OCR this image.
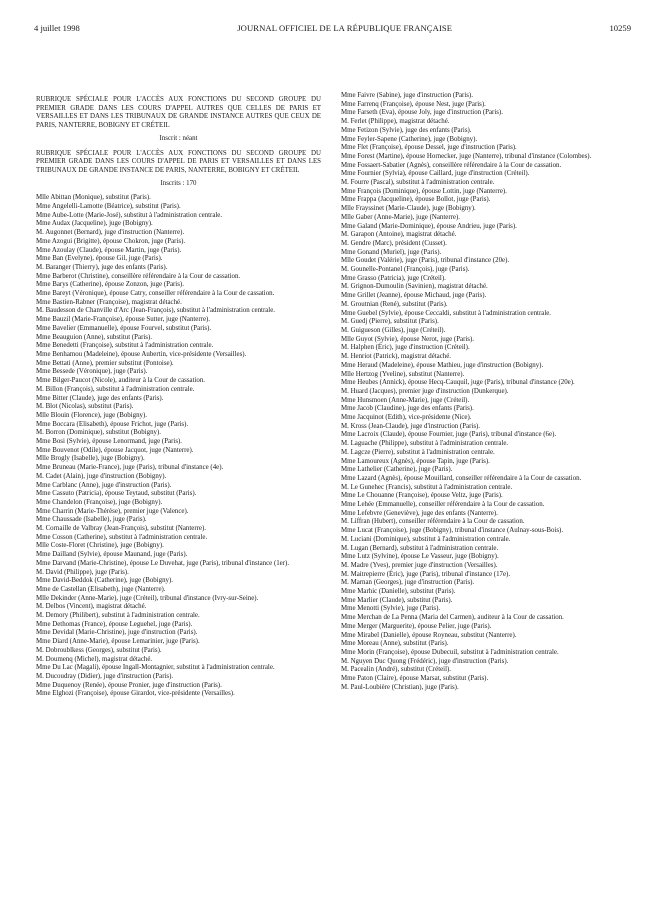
4 juillet 1998	JOURNAL OFFICIEL DE LA RÉPUBLIQUE FRANÇAISE	10259
RUBRIQUE SPÉCIALE POUR L'ACCÈS AUX FONCTIONS DU SECOND GROUPE DU PREMIER GRADE DANS LES COURS D'APPEL AUTRES QUE CELLES DE PARIS ET VERSAILLES ET DANS LES TRIBUNAUX DE GRANDE INSTANCE AUTRES QUE CEUX DE PARIS, NANTERRE, BOBIGNY ET CRÉTEIL
Inscrit : néant
RUBRIQUE SPÉCIALE POUR L'ACCÈS AUX FONCTIONS DU SECOND GROUPE DU PREMIER GRADE DANS LES COURS D'APPEL DE PARIS ET VERSAILLES ET DANS LES TRIBUNAUX DE GRANDE INSTANCE DE PARIS, NANTERRE, BOBIGNY ET CRÉTEIL
Inscrits : 170
Mlle Abittan (Monique), substitut (Paris).
Mme Angelelli-Lamotte (Béatrice), substitut (Paris).
Mme Aube-Lotte (Marie-José), substitut à l'administration centrale.
Mme Audax (Jacqueline), juge (Bobigny).
M. Augonnet (Bernard), juge d'instruction (Nanterre).
Mme Azogui (Brigitte), épouse Chokron, juge (Paris).
Mme Azoulay (Claude), épouse Martin, juge (Paris).
Mme Ban (Evelyne), épouse Gil, juge (Paris).
M. Baranger (Thierry), juge des enfants (Paris).
Mme Barberot (Christine), conseillère référendaire à la Cour de cassation.
Mme Barys (Catherine), épouse Zonzon, juge (Paris).
Mme Bareyt (Véronique), épouse Catry, conseiller référendaire à la Cour de cassation.
Mme Bastien-Rabner (Françoise), magistrat détaché.
M. Baudesson de Chanville d'Arc (Jean-François), substitut à l'administration centrale.
Mme Bauzil (Marie-Françoise), épouse Sutter, juge (Nanterre).
Mme Bavelier (Emmanuelle), épouse Fourvel, substitut (Paris).
Mme Beauguion (Anne), substitut (Paris).
Mme Benedetti (Françoise), substitut à l'administration centrale.
Mme Benhamou (Madeleine), épouse Aubertin, vice-présidente (Versailles).
Mme Bettati (Anne), premier substitut (Pontoise).
Mme Bessede (Véronique), juge (Paris).
Mme Bilger-Paucot (Nicole), auditeur à la Cour de cassation.
M. Billon (François), substitut à l'administration centrale.
Mme Bitter (Claude), juge des enfants (Paris).
M. Blot (Nicolas), substitut (Paris).
Mlle Blouin (Florence), juge (Bobigny).
Mme Boccara (Elisabeth), épouse Frichot, juge (Paris).
M. Borron (Dominique), substitut (Bobigny).
Mme Bosi (Sylvie), épouse Lenormand, juge (Paris).
Mme Bouvenot (Odile), épouse Jacquot, juge (Nanterre).
Mlle Brogly (Isabelle), juge (Bobigny).
Mme Bruneau (Marie-France), juge (Paris), tribunal d'instance (4e).
M. Cadet (Alain), juge d'instruction (Bobigny).
Mme Carblanc (Anne), juge d'instruction (Paris).
Mme Cassuto (Patricia), épouse Teytaud, substitut (Paris).
Mme Chandelon (Françoise), juge (Bobigny).
Mme Charrin (Marie-Thérèse), premier juge (Valence).
Mme Chaussade (Isabelle), juge (Paris).
M. Cornaille de Valbray (Jean-François), substitut (Nanterre).
Mme Cosson (Catherine), substitut à l'administration centrale.
Mlle Coste-Floret (Christine), juge (Bobigny).
Mme Dailland (Sylvie), épouse Maunand, juge (Paris).
Mme Darvand (Marie-Christine), épouse Le Duvehat, juge (Paris), tribunal d'instance (1er).
M. David (Philippe), juge (Paris).
Mme David-Beddok (Catherine), juge (Bobigny).
Mme de Castellan (Elisabeth), juge (Nanterre).
Mlle Dekinder (Anne-Marie), juge (Créteil), tribunal d'instance (Ivry-sur-Seine).
M. Delbos (Vincent), magistrat détaché.
M. Demory (Philibert), substitut à l'administration centrale.
Mme Dethomas (France), épouse Leguehel, juge (Paris).
Mme Devidal (Marie-Christine), juge d'instruction (Paris).
Mme Diard (Anne-Marie), épouse Lemarinier, juge (Paris).
M. Dobroublkess (Georges), substitut (Paris).
M. Doumenq (Michel), magistrat détaché.
Mme Du Lac (Magali), épouse Ingall-Montagnier, substitut à l'administration centrale.
M. Ducoudray (Didier), juge d'instruction (Paris).
Mme Duquenoy (Renée), épouse Pronier, juge d'instruction (Paris).
Mme Elghozi (Françoise), épouse Girardot, vice-présidente (Versailles).
Mme Faivre (Sabine), juge d'instruction (Paris).
Mme Farrenq (Françoise), épouse Nest, juge (Paris).
Mme Farseth (Eva), épouse Joly, juge d'instruction (Paris).
M. Ferlet (Philippe), magistrat détaché.
Mme Fetizon (Sylvie), juge des enfants (Paris).
Mme Feyler-Sapene (Catherine), juge (Bobigny).
Mme Flet (Françoise), épouse Dessel, juge d'instruction (Paris).
Mme Forest (Martine), épouse Hornecker, juge (Nanterre), tribunal d'instance (Colombes).
Mme Fossaert-Sabatier (Agnès), conseillère référendaire à la Cour de cassation.
Mme Fournier (Sylvia), épouse Caillard, juge d'instruction (Créteil).
M. Fourre (Pascal), substitut à l'administration centrale.
Mme François (Dominique), épouse Lottin, juge (Nanterre).
Mme Frappa (Jacqueline), épouse Bollot, juge (Paris).
Mlle Frayssinet (Marie-Claude), juge (Bobigny).
Mlle Gaber (Anne-Marie), juge (Nanterre).
Mme Galand (Marie-Dominique), épouse Andrieu, juge (Paris).
M. Garapon (Antoine), magistrat détaché.
M. Gendre (Marc), président (Cusset).
Mme Gonand (Muriel), juge (Paris).
Mlle Goudet (Valérie), juge (Paris), tribunal d'instance (20e).
M. Gounelle-Pontanel (François), juge (Paris).
Mme Grasso (Patricia), juge (Créteil).
M. Grignon-Dumoulin (Savinien), magistrat détaché.
Mme Grillet (Jeanne), épouse Michaud, juge (Paris).
M. Groutnian (René), substitut (Paris).
Mme Guebel (Sylvie), épouse Ceccaldi, substitut à l'administration centrale.
M. Guedj (Pierre), substitut (Paris).
M. Guigueson (Gilles), juge (Créteil).
Mlle Guyot (Sylvie), épouse Nerot, juge (Paris).
M. Halphen (Éric), juge d'instruction (Créteil).
M. Henriot (Patrick), magistrat détaché.
Mme Heraud (Madeleine), épouse Mathieu, juge d'instruction (Bobigny).
Mlle Hertzog (Yveline), substitut (Nanterre).
Mme Heubes (Annick), épouse Hecq-Cauquil, juge (Paris), tribunal d'instance (20e).
M. Huard (Jacques), premier juge d'instruction (Dunkerque).
Mme Hunsmoen (Anne-Marie), juge (Créteil).
Mme Jacob (Claudine), juge des enfants (Paris).
Mme Jacquinot (Edith), vice-présidente (Nice).
M. Kross (Jean-Claude), juge d'instruction (Paris).
Mme Lacroix (Claude), épouse Fournier, juge (Paris), tribunal d'instance (6e).
M. Laguache (Philippe), substitut à l'administration centrale.
M. Lagcze (Pierre), substitut à l'administration centrale.
Mme Lamoureux (Agnès), épouse Tapin, juge (Paris).
Mme Lathelier (Catherine), juge (Paris).
Mme Lazard (Agnès), épouse Mouillard, conseiller référendaire à la Cour de cassation.
M. Le Gunehec (Francis), substitut à l'administration centrale.
Mme Le Chouanne (Françoise), épouse Veltz, juge (Paris).
Mme Lehée (Emmanuelle), conseiller référendaire à la Cour de cassation.
Mme Lefebvre (Geneviève), juge des enfants (Nanterre).
M. Liffran (Hubert), conseiller référendaire à la Cour de cassation.
Mme Lucat (Françoise), juge (Bobigny), tribunal d'instance (Aulnay-sous-Bois).
M. Luciani (Dominique), substitut à l'administration centrale.
M. Lugan (Bernard), substitut à l'administration centrale.
Mme Lutz (Sylvine), épouse Le Vasseur, juge (Bobigny).
M. Madre (Yves), premier juge d'instruction (Versailles).
M. Maitrepierre (Éric), juge (Paris), tribunal d'instance (17e).
M. Marnan (Georges), juge d'instruction (Paris).
Mme Marhic (Danielle), substitut (Paris).
Mme Marlier (Claude), substitut (Paris).
Mme Menotti (Sylvie), juge (Paris).
Mme Merchan de La Penna (Maria del Carmen), auditeur à la Cour de cassation.
Mme Merger (Marguerite), épouse Pelier, juge (Paris).
Mme Mirabel (Danielle), épouse Royneau, substitut (Nanterre).
Mme Moreau (Anne), substitut (Paris).
Mme Morin (Françoise), épouse Dubecuil, substitut à l'administration centrale.
M. Nguyen Duc Quong (Frédéric), juge d'instruction (Paris).
M. Pacealin (André), substitut (Créteil).
Mme Paton (Claire), épouse Marsat, substitut (Paris).
M. Paul-Loubière (Christian), juge (Paris).
